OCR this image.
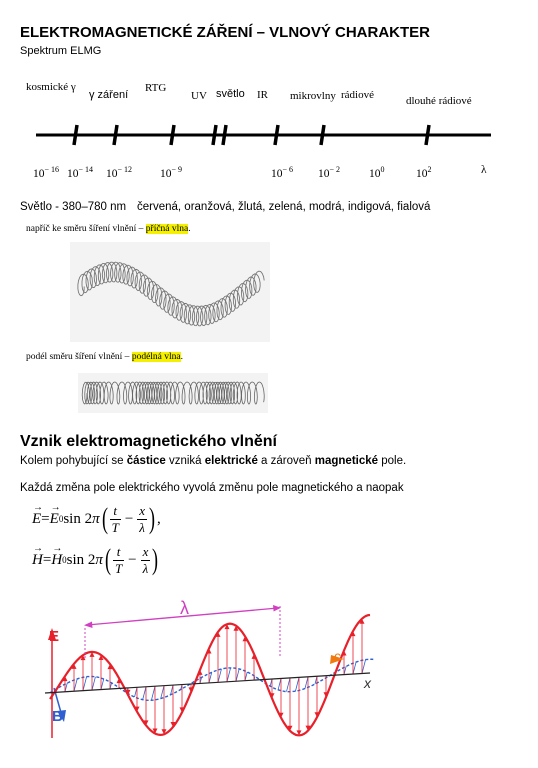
ELEKTROMAGNETICKÉ ZÁŘENÍ – VLNOVÝ CHARAKTER
Spektrum ELMG
kosmické γ
γ záření
RTG
UV světlo IR mikrovlny rádiové	dlouhé rádiové
$10^{- 16}$ $10^{- 14}$ $10^{- 12}$ $10^{- 9}$	$10^{- 6}$ $10^{- 2}$	$10^0$	$10^2$	λ
Světlo - 380–780 nm červená, oranžová, žlutá, zelená, modrá, indigová, fialová
napříč ke směru šíření vlnění – příčná vlna.
podél směru šíření vlnění – podélná vlna.
Vznik elektromagnetického vlnění
Kolem pohybující se částice vzniká elektrické a zároveň magnetické pole.
Každá změna pole elektrického vyvolá změnu pole magnetického a naopak
→
E =
→
E 0 sin 2 π ( t
T
− $\frac{x}{\lambda}$ ) ,
→
H =
→
H 0 sin 2 π ( t
T
− $\frac{x}{\lambda}$ )
λ
E
B
c
x
